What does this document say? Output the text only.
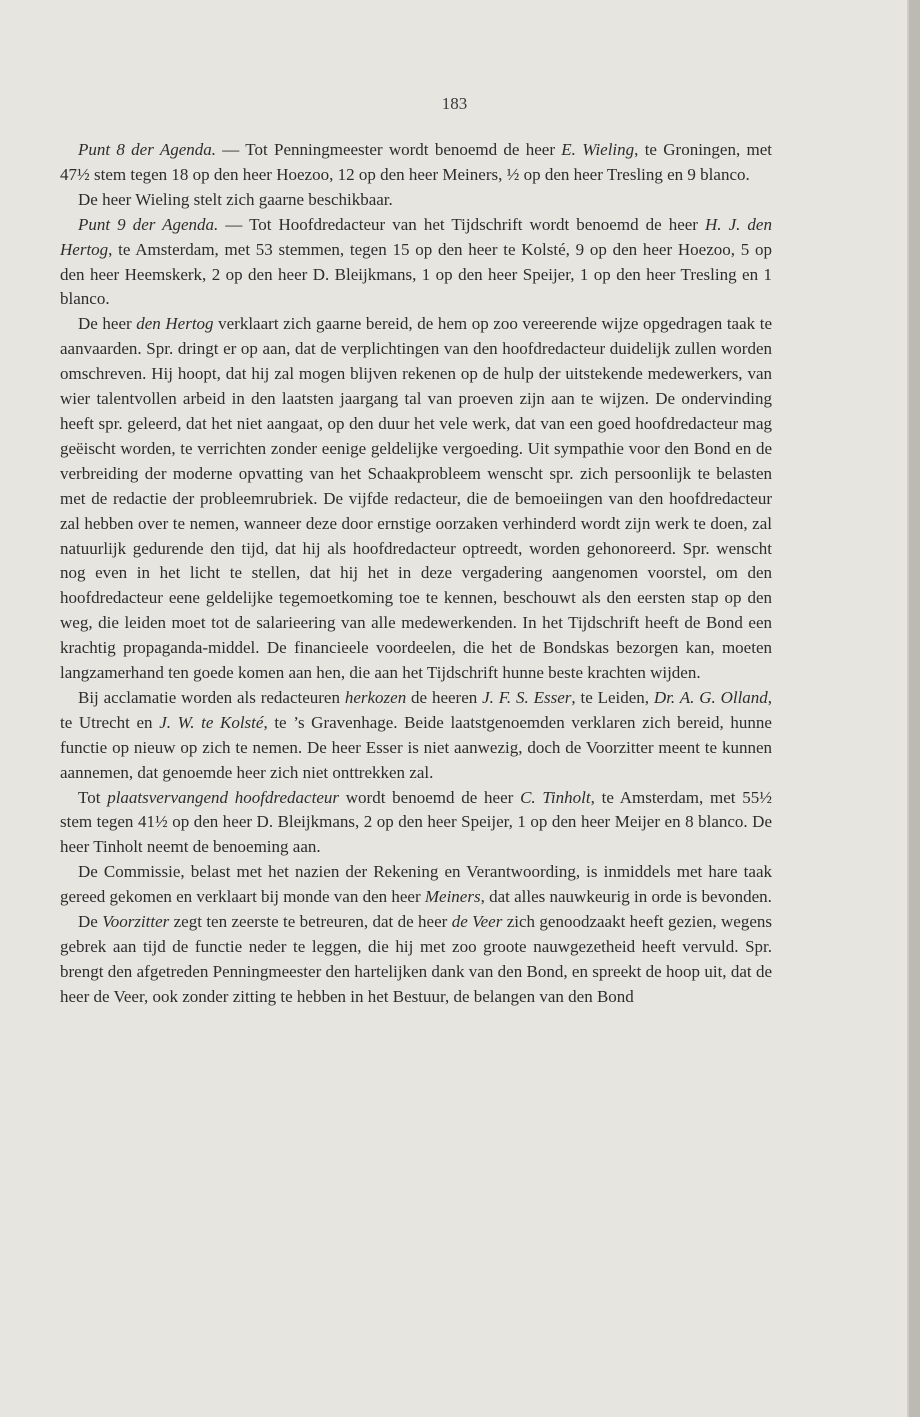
183

Punt 8 der Agenda. — Tot Penningmeester wordt benoemd de heer E. Wieling, te Groningen, met 47½ stem tegen 18 op den heer Hoezoo, 12 op den heer Meiners, ½ op den heer Tresling en 9 blanco.

De heer Wieling stelt zich gaarne beschikbaar.

Punt 9 der Agenda. — Tot Hoofdredacteur van het Tijdschrift wordt benoemd de heer H. J. den Hertog, te Amsterdam, met 53 stemmen, tegen 15 op den heer te Kolsté, 9 op den heer Hoezoo, 5 op den heer Heemskerk, 2 op den heer D. Bleijkmans, 1 op den heer Speijer, 1 op den heer Tresling en 1 blanco.

De heer den Hertog verklaart zich gaarne bereid, de hem op zoo vereerende wijze opgedragen taak te aanvaarden. Spr. dringt er op aan, dat de verplichtingen van den hoofdredacteur duidelijk zullen worden omschreven. Hij hoopt, dat hij zal mogen blijven rekenen op de hulp der uitstekende medewerkers, van wier talentvollen arbeid in den laatsten jaargang tal van proeven zijn aan te wijzen. De ondervinding heeft spr. geleerd, dat het niet aangaat, op den duur het vele werk, dat van een goed hoofdredacteur mag geëischt worden, te verrichten zonder eenige geldelijke vergoeding. Uit sympathie voor den Bond en de verbreiding der moderne opvatting van het Schaakprobleem wenscht spr. zich persoonlijk te belasten met de redactie der probleemrubriek. De vijfde redacteur, die de bemoeiingen van den hoofdredacteur zal hebben over te nemen, wanneer deze door ernstige oorzaken verhinderd wordt zijn werk te doen, zal natuurlijk gedurende den tijd, dat hij als hoofdredacteur optreedt, worden gehonoreerd. Spr. wenscht nog even in het licht te stellen, dat hij het in deze vergadering aangenomen voorstel, om den hoofdredacteur eene geldelijke tegemoetkoming toe te kennen, beschouwt als den eersten stap op den weg, die leiden moet tot de salarieering van alle medewerkenden. In het Tijdschrift heeft de Bond een krachtig propaganda-middel. De financieele voordeelen, die het de Bondskas bezorgen kan, moeten langzamerhand ten goede komen aan hen, die aan het Tijdschrift hunne beste krachten wijden.

Bij acclamatie worden als redacteuren herkozen de heeren J. F. S. Esser, te Leiden, Dr. A. G. Olland, te Utrecht en J. W. te Kolsté, te ’s Gravenhage. Beide laatstgenoemden verklaren zich bereid, hunne functie op nieuw op zich te nemen. De heer Esser is niet aanwezig, doch de Voorzitter meent te kunnen aannemen, dat genoemde heer zich niet onttrekken zal.

Tot plaatsvervangend hoofdredacteur wordt benoemd de heer C. Tinholt, te Amsterdam, met 55½ stem tegen 41½ op den heer D. Bleijkmans, 2 op den heer Speijer, 1 op den heer Meijer en 8 blanco. De heer Tinholt neemt de benoeming aan.

De Commissie, belast met het nazien der Rekening en Verantwoording, is inmiddels met hare taak gereed gekomen en verklaart bij monde van den heer Meiners, dat alles nauwkeurig in orde is bevonden.

De Voorzitter zegt ten zeerste te betreuren, dat de heer de Veer zich genoodzaakt heeft gezien, wegens gebrek aan tijd de functie neder te leggen, die hij met zoo groote nauwgezetheid heeft vervuld. Spr. brengt den afgetreden Penningmeester den hartelijken dank van den Bond, en spreekt de hoop uit, dat de heer de Veer, ook zonder zitting te hebben in het Bestuur, de belangen van den Bond
